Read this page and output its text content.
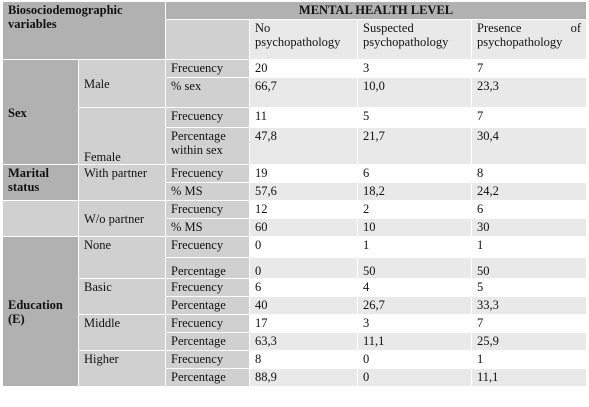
Biosociodemographic variables		MENTAL HEALTH LEVEL			
			No psychopathology	Suspected psychopathology	Presence of
psychopathology

Sex	Male	Frecuency	20	3	7
		% sex	66,7	10,0	23,3
	Female	Frecuency	11	5	7
		Percentage within sex	47,8	21,7	30,4
Marital status	With partner	Frecuency	19	6	8
		% MS	57,6	18,2	24,2
	W/o partner	Frecuency	12	2	6
		% MS	60	10	30
Education (E)	None	Frecuency	0	1	1
		Percentage	0	50	50
	Basic	Frecuency	6	4	5
		Percentage	40	26,7	33,3
	Middle	Frecuency	17	3	7
		Percentage	63,3	11,1	25,9
	Higher	Frecuency	8	0	1
		Percentage	88,9	0	11,1
